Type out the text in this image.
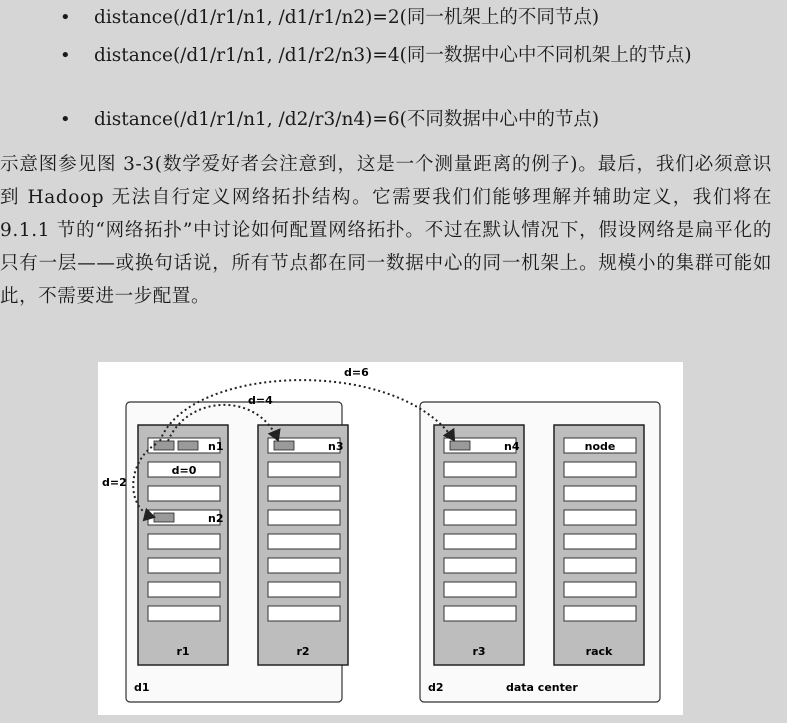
• distance(/d1/r1/n1, /d1/r1/n2)=2(同一机架上的不同节点)
• distance(/d1/r1/n1, /d1/r2/n3)=4(同一数据中心中不同机架上的节点)
• distance(/d1/r1/n1, /d2/r3/n4)=6(不同数据中心中的节点)
示意图参见图 3-3(数学爱好者会注意到，这是一个测量距离的例子)。最后，我们必须意识到 Hadoop 无法自行定义网络拓扑结构。它需要我们们能够理解并辅助定义，我们将在 9.1.1 节的“网络拓扑”中讨论如何配置网络拓扑。不过在默认情况下，假设网络是扁平化的只有一层——或换句话说，所有节点都在同一数据中心的同一机架上。规模小的集群可能如此，不需要进一步配置。
n1
n2
n3	n4	node
d=0
r1	r2	r3	rack
d1	d2	data center
d=6
d=4
d=2
